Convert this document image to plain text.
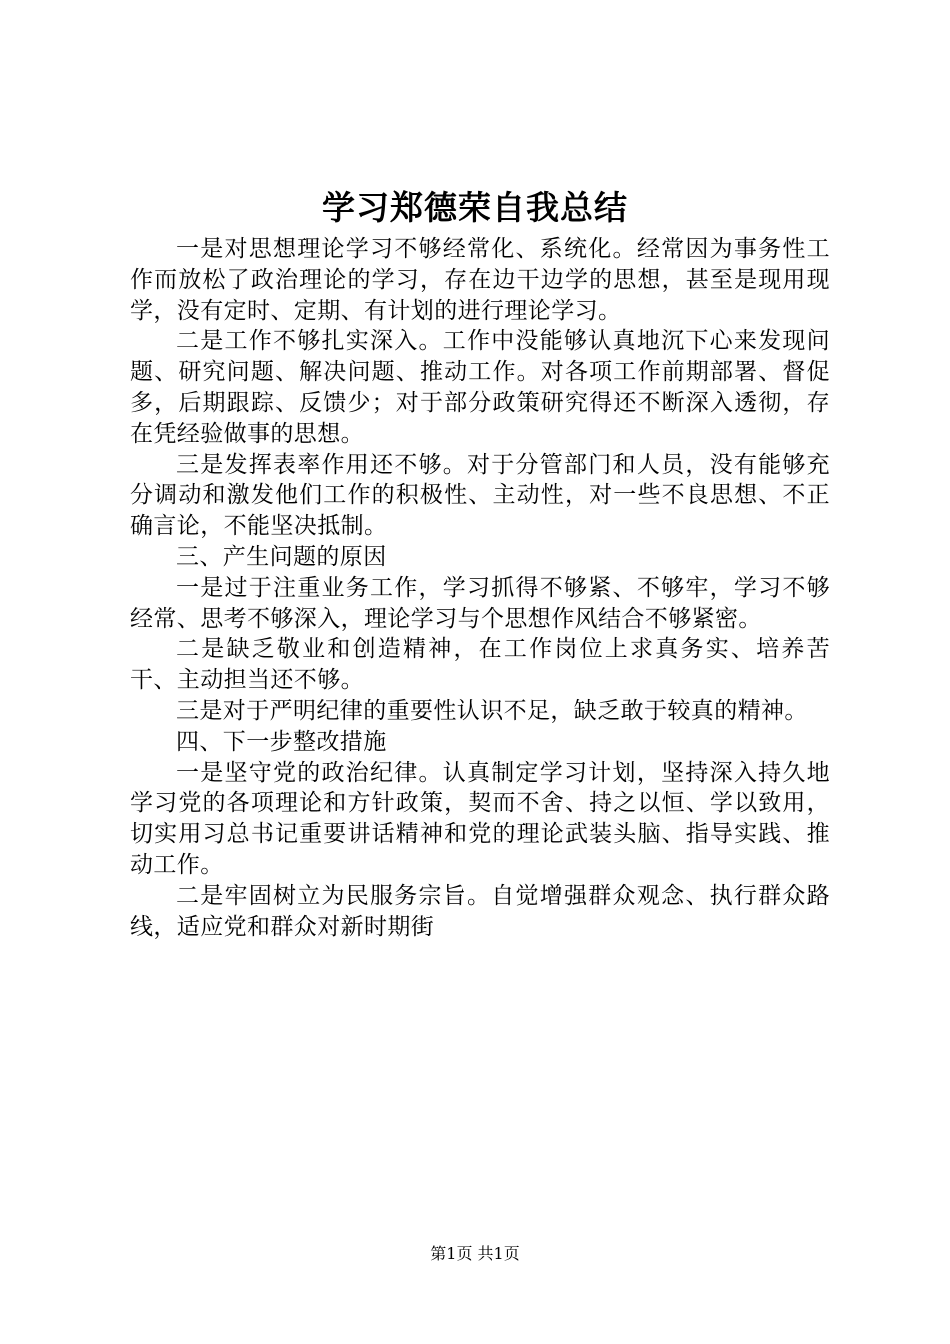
学习郑德荣自我总结

一是对思想理论学习不够经常化、系统化。经常因为事务性工作而放松了政治理论的学习，存在边干边学的思想，甚至是现用现学，没有定时、定期、有计划的进行理论学习。

二是工作不够扎实深入。工作中没能够认真地沉下心来发现问题、研究问题、解决问题、推动工作。对各项工作前期部署、督促多，后期跟踪、反馈少；对于部分政策研究得还不断深入透彻，存在凭经验做事的思想。

三是发挥表率作用还不够。对于分管部门和人员，没有能够充分调动和激发他们工作的积极性、主动性，对一些不良思想、不正确言论，不能坚决抵制。

三、产生问题的原因

一是过于注重业务工作，学习抓得不够紧、不够牢，学习不够经常、思考不够深入，理论学习与个思想作风结合不够紧密。

二是缺乏敬业和创造精神，在工作岗位上求真务实、培养苦干、主动担当还不够。

三是对于严明纪律的重要性认识不足，缺乏敢于较真的精神。

四、下一步整改措施

一是坚守党的政治纪律。认真制定学习计划，坚持深入持久地学习党的各项理论和方针政策，契而不舍、持之以恒、学以致用，切实用习总书记重要讲话精神和党的理论武装头脑、指导实践、推动工作。

二是牢固树立为民服务宗旨。自觉增强群众观念、执行群众路线，适应党和群众对新时期街

第1页 共1页
